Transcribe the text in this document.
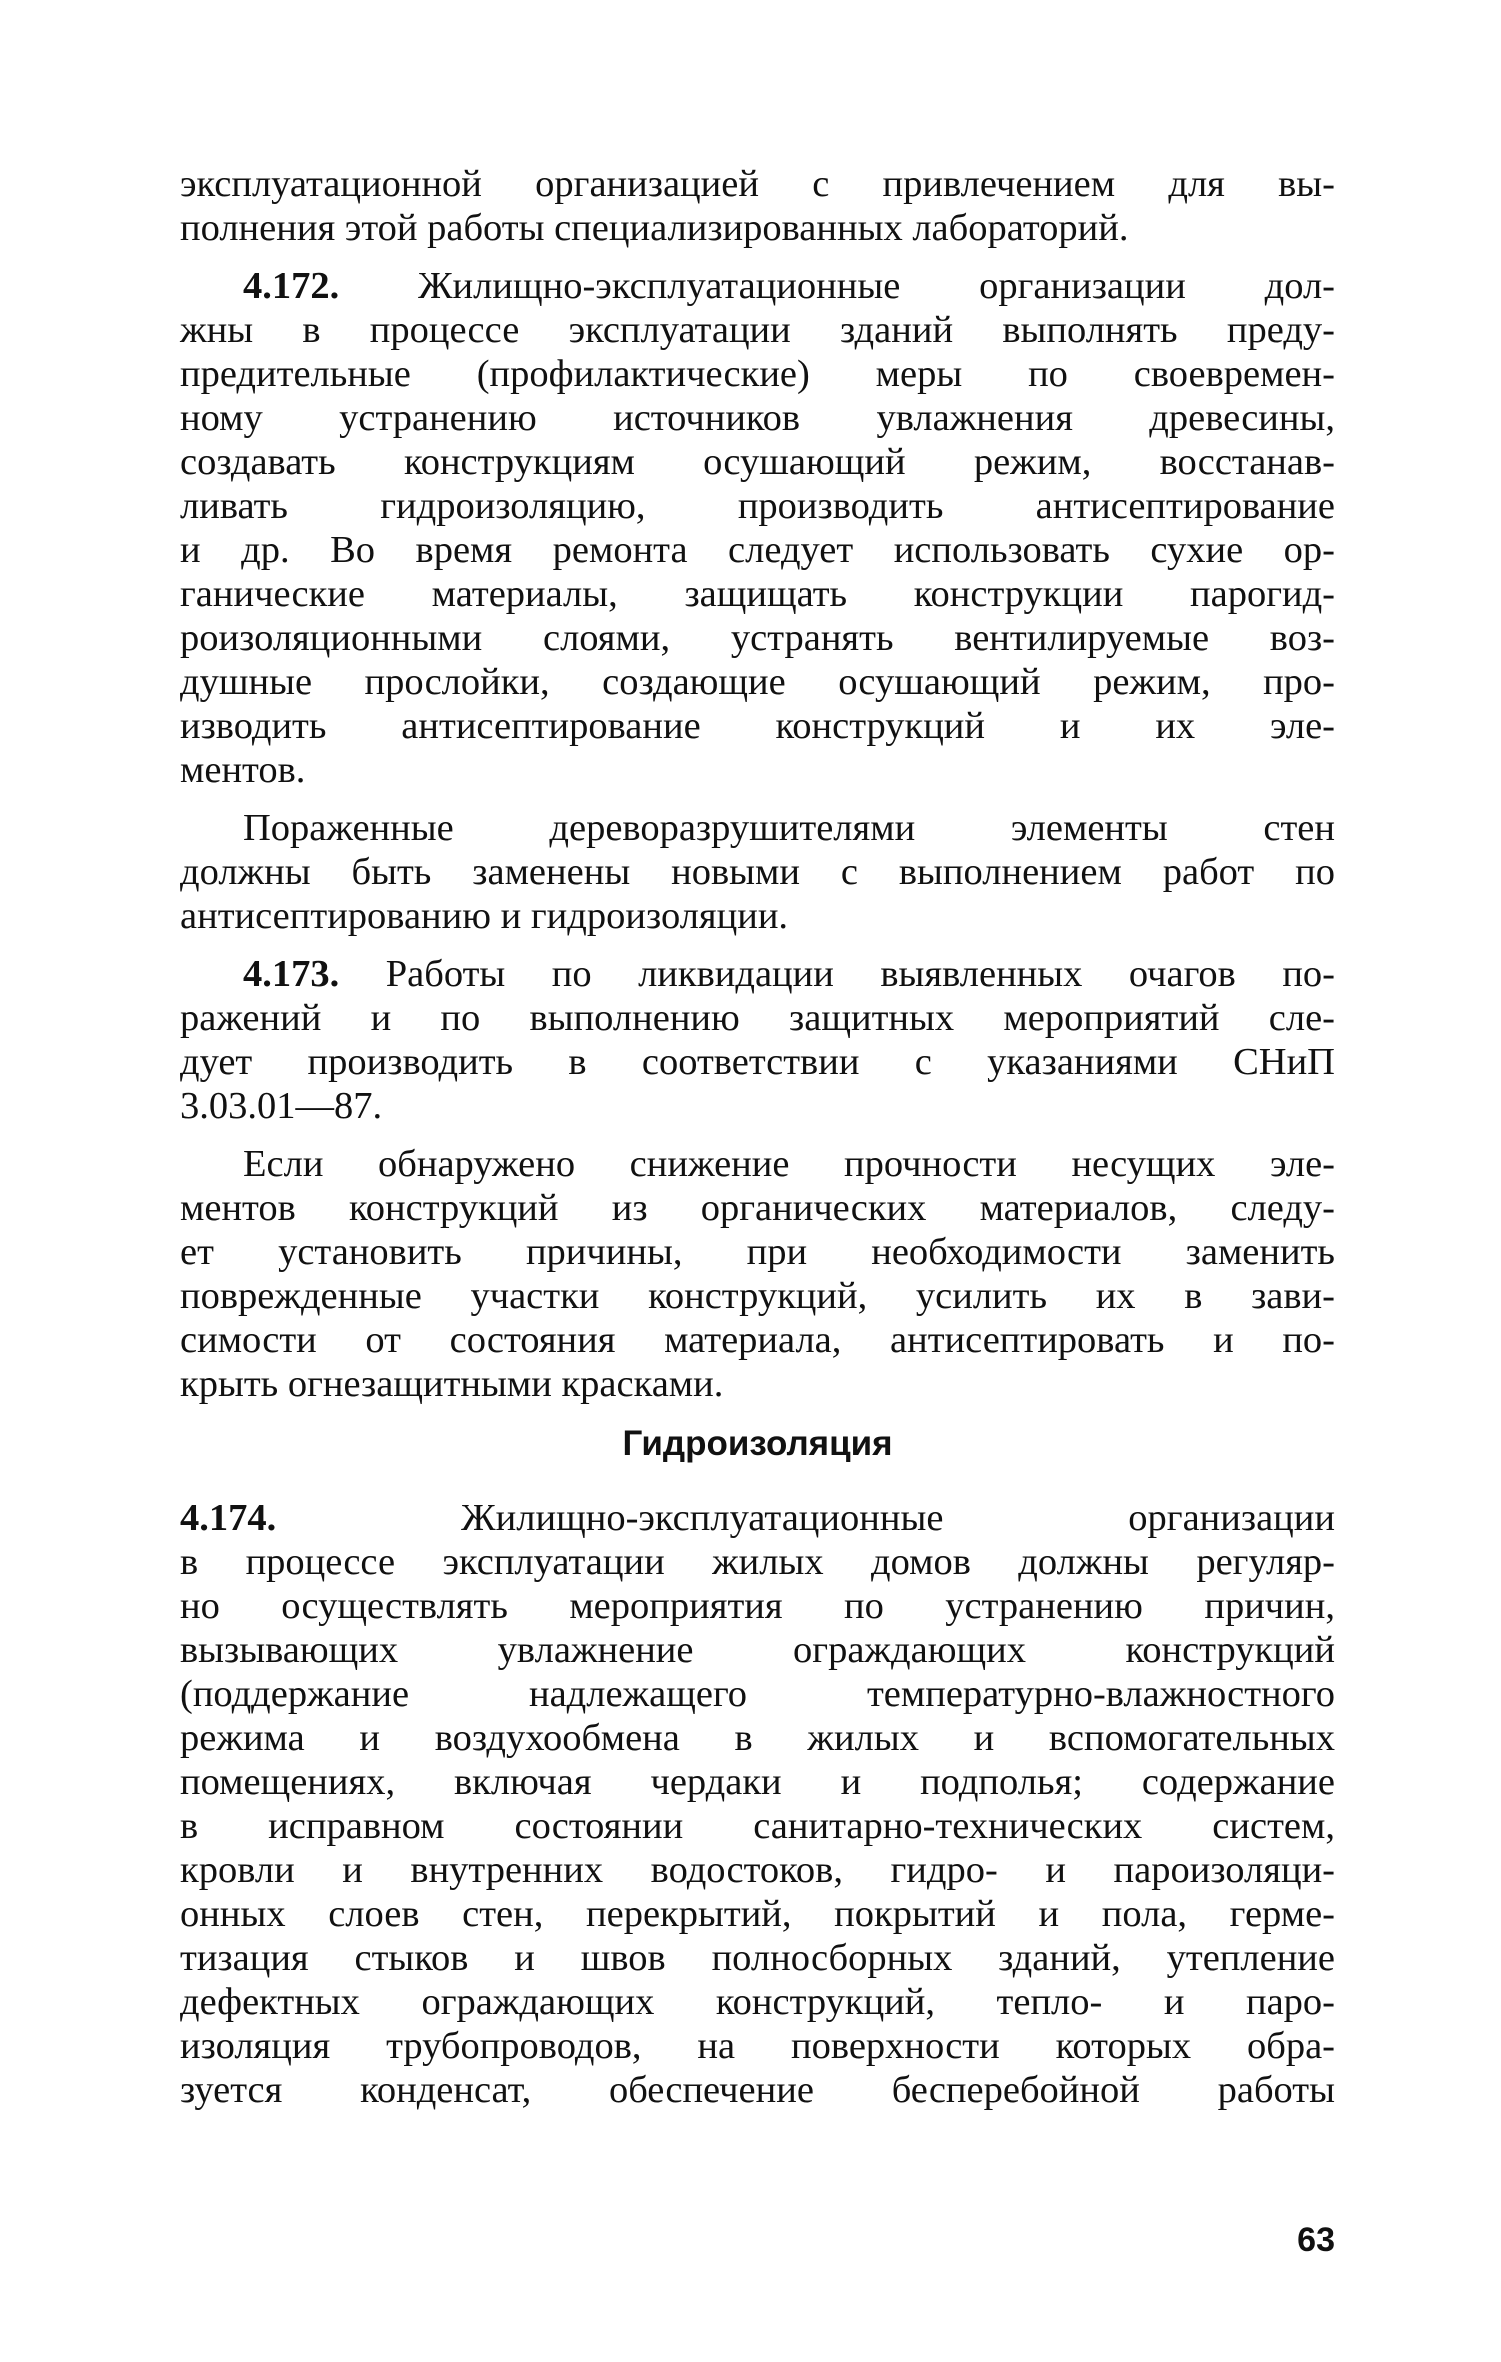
эксплуатационной организацией с привлечением для вы-
полнения этой работы специализированных лабораторий.
4.172. Жилищно-эксплуатационные организации дол-
жны в процессе эксплуатации зданий выполнять преду-
предительные (профилактические) меры по своевремен-
ному устранению источников увлажнения древесины,
создавать конструкциям осушающий режим, восстанав-
ливать гидроизоляцию, производить антисептирование
и др. Во время ремонта следует использовать сухие ор-
ганические материалы, защищать конструкции парогид-
роизоляционными слоями, устранять вентилируемые воз-
душные прослойки, создающие осушающий режим, про-
изводить антисептирование конструкций и их эле-
ментов.
Пораженные дереворазрушителями элементы стен
должны быть заменены новыми с выполнением работ по
антисептированию и гидроизоляции.
4.173. Работы по ликвидации выявленных очагов по-
ражений и по выполнению защитных мероприятий сле-
дует производить в соответствии с указаниями СНиП
3.03.01—87.
Если обнаружено снижение прочности несущих эле-
ментов конструкций из органических материалов, следу-
ет установить причины, при необходимости заменить
поврежденные участки конструкций, усилить их в зави-
симости от состояния материала, антисептировать и по-
крыть огнезащитными красками.
Гидроизоляция
4.174.	Жилищно-эксплуатационные организации
в процессе эксплуатации жилых домов должны регуляр-
но осуществлять мероприятия по устранению причин,
вызывающих увлажнение ограждающих конструкций
(поддержание надлежащего температурно-влажностного
режима и воздухообмена в жилых и вспомогательных
помещениях, включая чердаки и подполья; содержание
в исправном состоянии санитарно-технических систем,
кровли и внутренних водостоков, гидро- и пароизоляци-
онных слоев стен, перекрытий, покрытий и пола, герме-
тизация стыков и швов полносборных зданий, утепление
дефектных ограждающих конструкций, тепло- и паро-
изоляция трубопроводов, на поверхности которых обра-
зуется конденсат, обеспечение бесперебойной работы
63
